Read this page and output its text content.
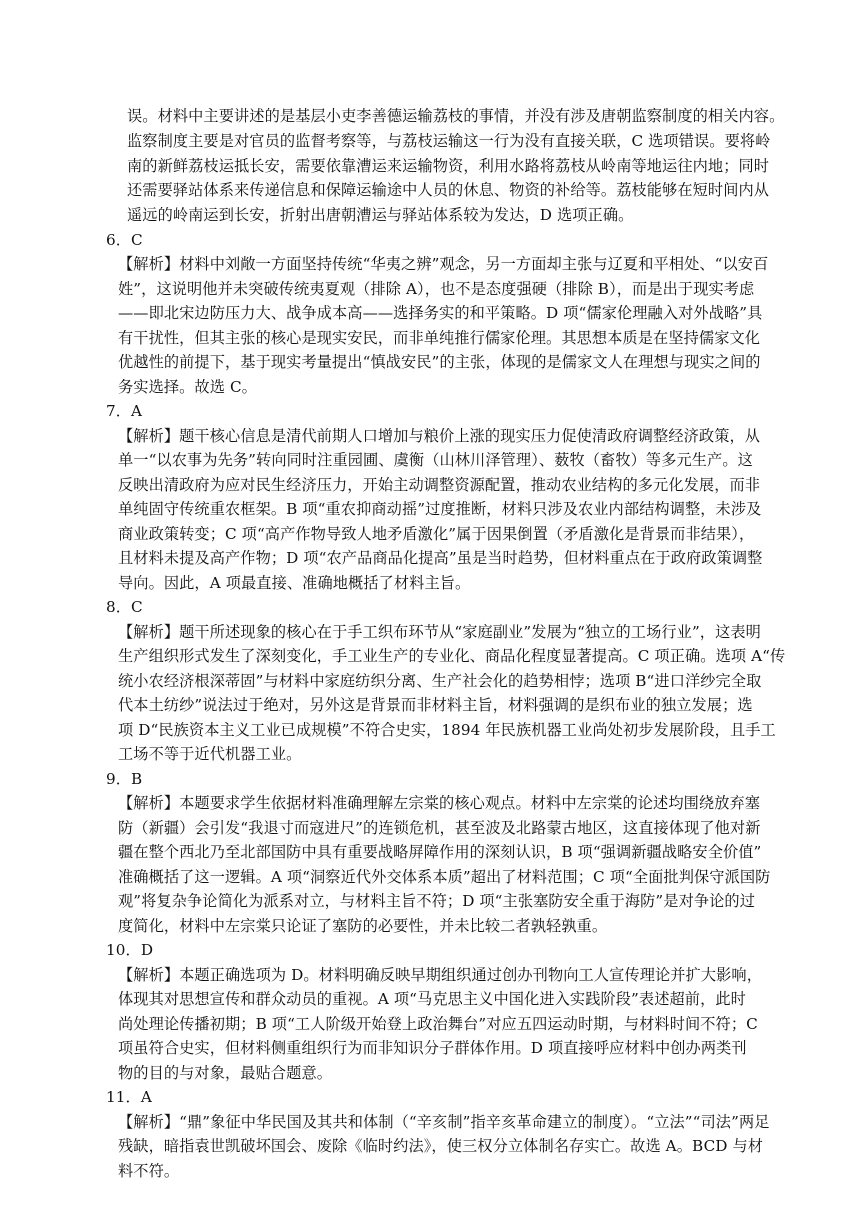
误。材料中主要讲述的是基层小吏李善德运输荔枝的事情，并没有涉及唐朝监察制度的相关内容。
监察制度主要是对官员的监督考察等，与荔枝运输这一行为没有直接关联，C 选项错误。要将岭
南的新鲜荔枝运抵长安，需要依靠漕运来运输物资，利用水路将荔枝从岭南等地运往内地；同时
还需要驿站体系来传递信息和保障运输途中人员的休息、物资的补给等。荔枝能够在短时间内从
遥远的岭南运到长安，折射出唐朝漕运与驿站体系较为发达，D 选项正确。
6．C
【解析】材料中刘敞一方面坚持传统“华夷之辨”观念，另一方面却主张与辽夏和平相处、“以安百
姓”，这说明他并未突破传统夷夏观（排除 A），也不是态度强硬（排除 B），而是出于现实考虑
——即北宋边防压力大、战争成本高——选择务实的和平策略。D 项“儒家伦理融入对外战略”具
有干扰性，但其主张的核心是现实安民，而非单纯推行儒家伦理。其思想本质是在坚持儒家文化
优越性的前提下，基于现实考量提出“慎战安民”的主张，体现的是儒家文人在理想与现实之间的
务实选择。故选 C。
7．A
【解析】题干核心信息是清代前期人口增加与粮价上涨的现实压力促使清政府调整经济政策，从
单一“以农事为先务”转向同时注重园圃、虞衡（山林川泽管理）、薮牧（畜牧）等多元生产。这
反映出清政府为应对民生经济压力，开始主动调整资源配置，推动农业结构的多元化发展，而非
单纯固守传统重农框架。B 项“重农抑商动摇”过度推断，材料只涉及农业内部结构调整，未涉及
商业政策转变；C 项“高产作物导致人地矛盾激化”属于因果倒置（矛盾激化是背景而非结果），
且材料未提及高产作物；D 项“农产品商品化提高”虽是当时趋势，但材料重点在于政府政策调整
导向。因此，A 项最直接、准确地概括了材料主旨。
8．C
【解析】题干所述现象的核心在于手工织布环节从“家庭副业”发展为“独立的工场行业”，这表明
生产组织形式发生了深刻变化，手工业生产的专业化、商品化程度显著提高。C 项正确。选项 A“传
统小农经济根深蒂固”与材料中家庭纺织分离、生产社会化的趋势相悖；选项 B“进口洋纱完全取
代本土纺纱”说法过于绝对，另外这是背景而非材料主旨，材料强调的是织布业的独立发展；选
项 D“民族资本主义工业已成规模”不符合史实，1894 年民族机器工业尚处初步发展阶段，且手工
工场不等于近代机器工业。
9．B
【解析】本题要求学生依据材料准确理解左宗棠的核心观点。材料中左宗棠的论述均围绕放弃塞
防（新疆）会引发“我退寸而寇进尺”的连锁危机，甚至波及北路蒙古地区，这直接体现了他对新
疆在整个西北乃至北部国防中具有重要战略屏障作用的深刻认识，B 项“强调新疆战略安全价值”
准确概括了这一逻辑。A 项“洞察近代外交体系本质”超出了材料范围；C 项“全面批判保守派国防
观”将复杂争论简化为派系对立，与材料主旨不符；D 项“主张塞防安全重于海防”是对争论的过
度简化，材料中左宗棠只论证了塞防的必要性，并未比较二者孰轻孰重。
10．D
【解析】本题正确选项为 D。材料明确反映早期组织通过创办刊物向工人宣传理论并扩大影响，
体现其对思想宣传和群众动员的重视。A 项“马克思主义中国化进入实践阶段”表述超前，此时
尚处理论传播初期；B 项“工人阶级开始登上政治舞台”对应五四运动时期，与材料时间不符；C
项虽符合史实，但材料侧重组织行为而非知识分子群体作用。D 项直接呼应材料中创办两类刊
物的目的与对象，最贴合题意。
11．A
【解析】“鼎”象征中华民国及其共和体制（“辛亥制”指辛亥革命建立的制度）。“立法”“司法”两足
残缺，暗指袁世凯破坏国会、废除《临时约法》，使三权分立体制名存实亡。故选 A。BCD 与材
料不符。
